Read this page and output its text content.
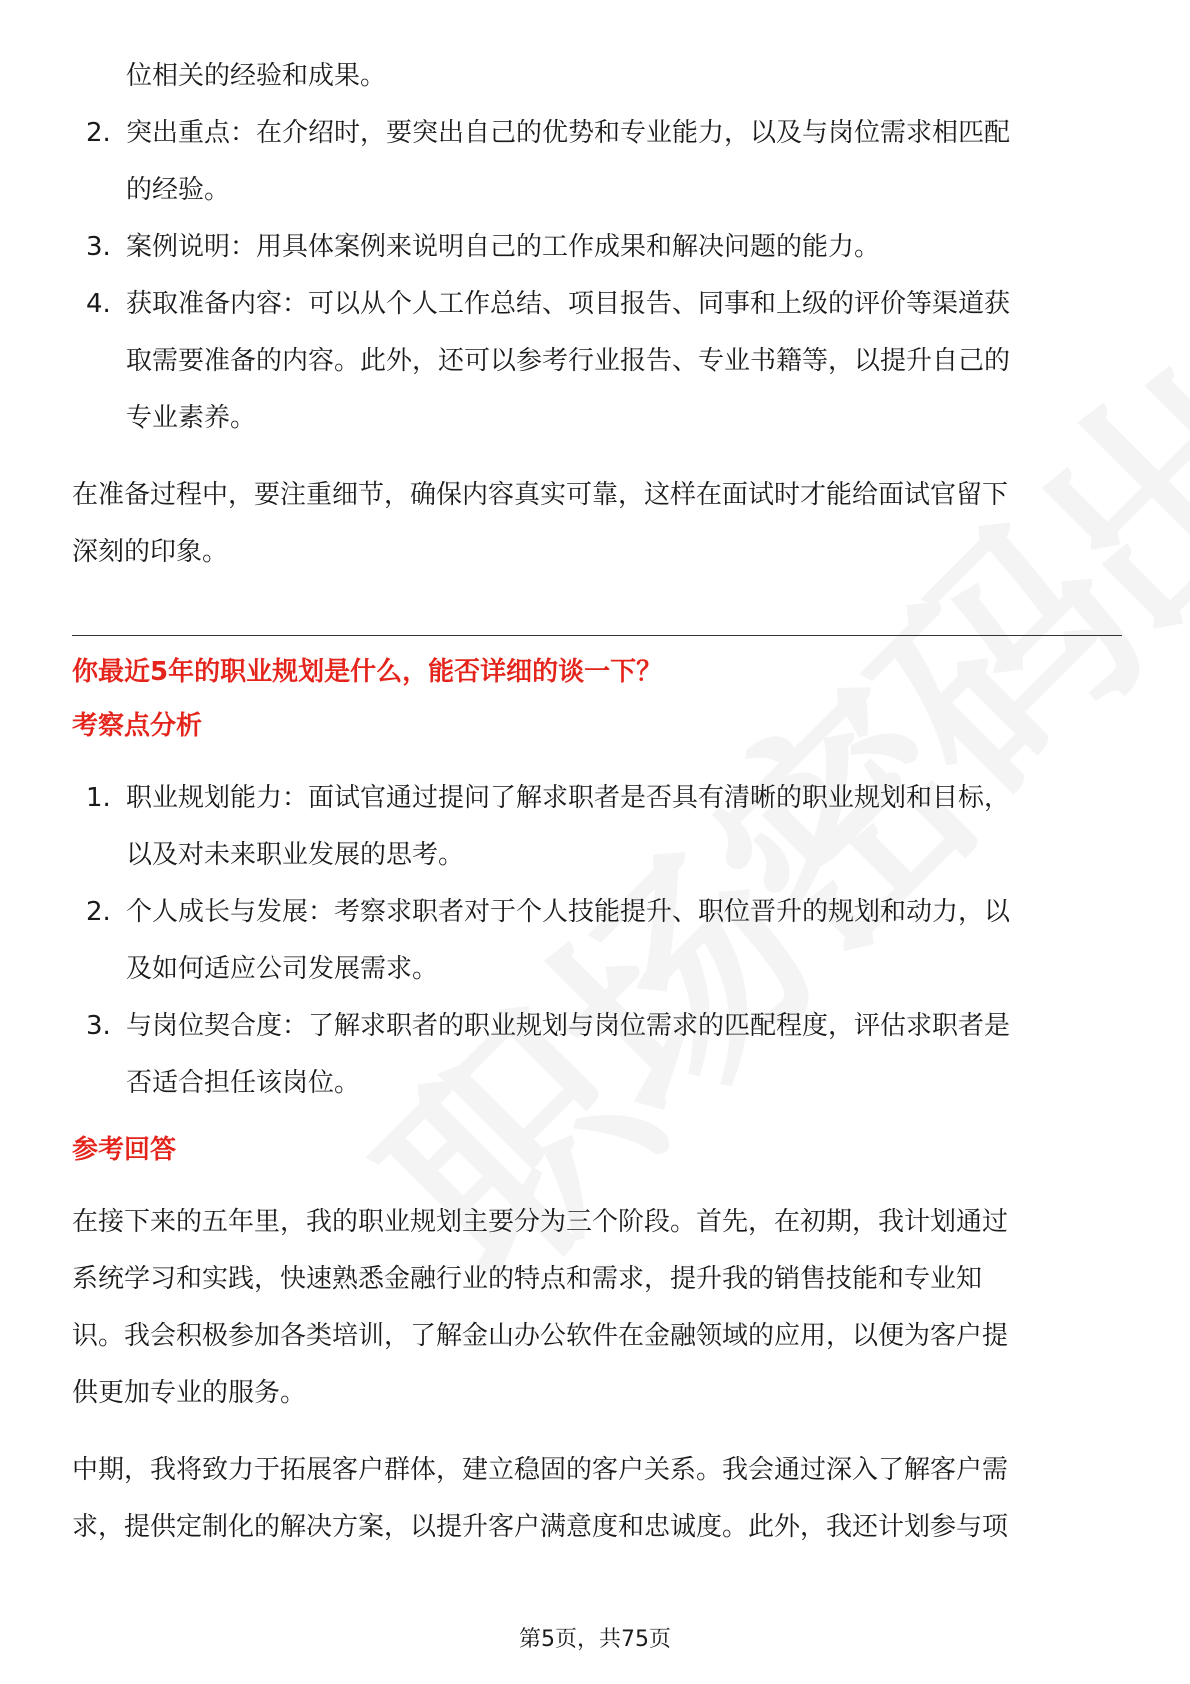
位相关的经验和成果。

2. 突出重点：在介绍时，要突出自己的优势和专业能力，以及与岗位需求相匹配
的经验。

3. 案例说明：用具体案例来说明自己的工作成果和解决问题的能力。

4. 获取准备内容：可以从个人工作总结、项目报告、同事和上级的评价等渠道获
取需要准备的内容。此外，还可以参考行业报告、专业书籍等，以提升自己的
专业素养。

在准备过程中，要注重细节，确保内容真实可靠，这样在面试时才能给面试官留下
深刻的印象。

你最近5年的职业规划是什么，能否详细的谈一下？

考察点分析

1. 职业规划能力：面试官通过提问了解求职者是否具有清晰的职业规划和目标，
以及对未来职业发展的思考。

2. 个人成长与发展：考察求职者对于个人技能提升、职位晋升的规划和动力，以
及如何适应公司发展需求。

3. 与岗位契合度：了解求职者的职业规划与岗位需求的匹配程度，评估求职者是
否适合担任该岗位。

参考回答

在接下来的五年里，我的职业规划主要分为三个阶段。首先，在初期，我计划通过
系统学习和实践，快速熟悉金融行业的特点和需求，提升我的销售技能和专业知
识。我会积极参加各类培训，了解金山办公软件在金融领域的应用，以便为客户提
供更加专业的服务。

中期，我将致力于拓展客户群体，建立稳固的客户关系。我会通过深入了解客户需
求，提供定制化的解决方案，以提升客户满意度和忠诚度。此外，我还计划参与项

第5页，共75页
